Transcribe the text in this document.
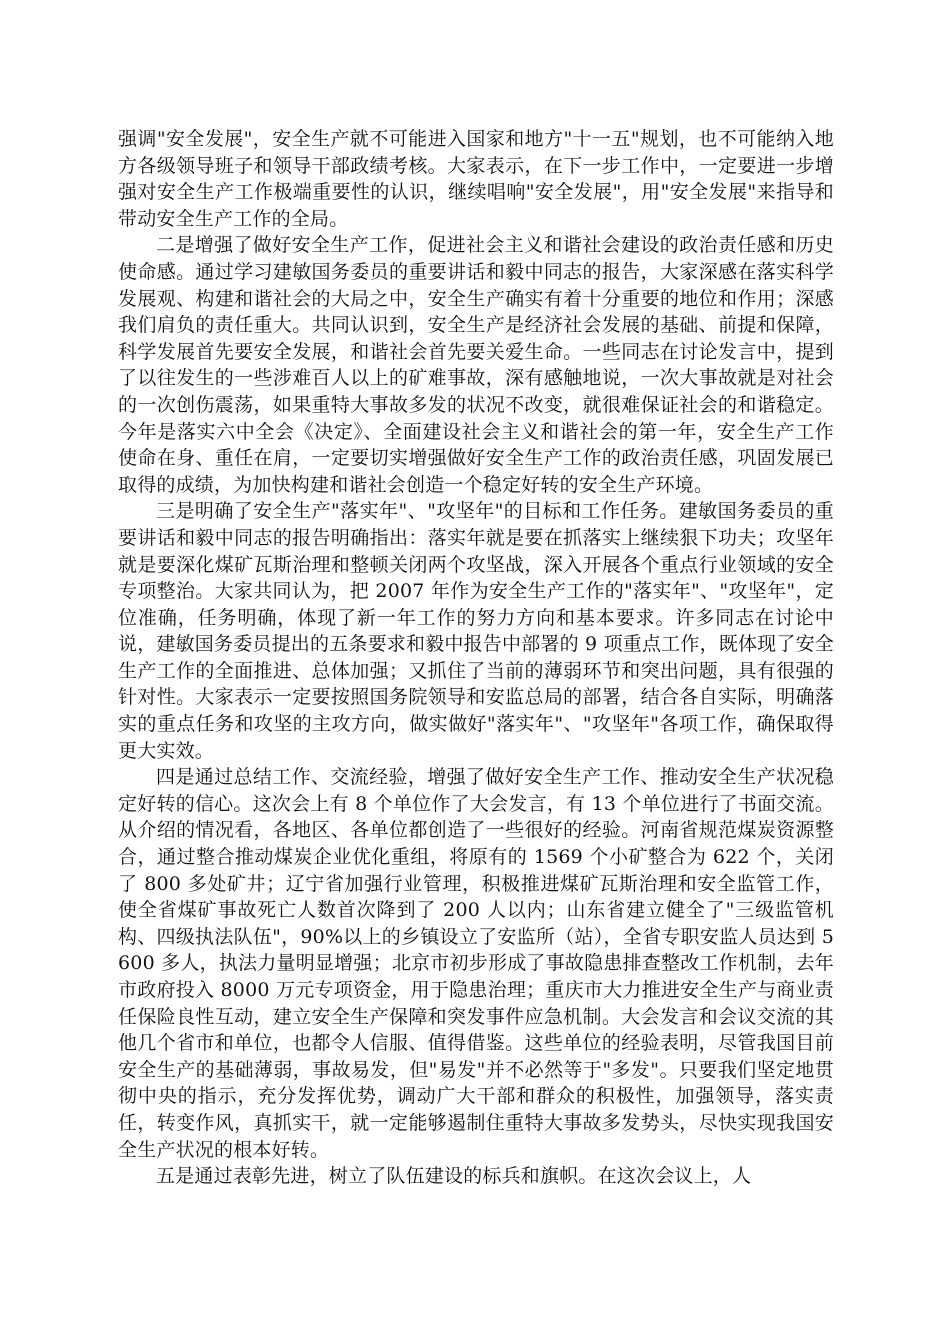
强调"安全发展"，安全生产就不可能进入国家和地方"十一五"规划，也不可能纳入地方各级领导班子和领导干部政绩考核。大家表示，在下一步工作中，一定要进一步增强对安全生产工作极端重要性的认识，继续唱响"安全发展"，用"安全发展"来指导和带动安全生产工作的全局。

二是增强了做好安全生产工作，促进社会主义和谐社会建设的政治责任感和历史使命感。通过学习建敏国务委员的重要讲话和毅中同志的报告，大家深感在落实科学发展观、构建和谐社会的大局之中，安全生产确实有着十分重要的地位和作用；深感我们肩负的责任重大。共同认识到，安全生产是经济社会发展的基础、前提和保障，科学发展首先要安全发展，和谐社会首先要关爱生命。一些同志在讨论发言中，提到了以往发生的一些涉难百人以上的矿难事故，深有感触地说，一次大事故就是对社会的一次创伤震荡，如果重特大事故多发的状况不改变，就很难保证社会的和谐稳定。今年是落实六中全会《决定》、全面建设社会主义和谐社会的第一年，安全生产工作使命在身、重任在肩，一定要切实增强做好安全生产工作的政治责任感，巩固发展已取得的成绩，为加快构建和谐社会创造一个稳定好转的安全生产环境。

三是明确了安全生产"落实年"、"攻坚年"的目标和工作任务。建敏国务委员的重要讲话和毅中同志的报告明确指出：落实年就是要在抓落实上继续狠下功夫；攻坚年就是要深化煤矿瓦斯治理和整顿关闭两个攻坚战，深入开展各个重点行业领域的安全专项整治。大家共同认为，把 2007 年作为安全生产工作的"落实年"、"攻坚年"，定位准确，任务明确，体现了新一年工作的努力方向和基本要求。许多同志在讨论中说，建敏国务委员提出的五条要求和毅中报告中部署的 9 项重点工作，既体现了安全生产工作的全面推进、总体加强；又抓住了当前的薄弱环节和突出问题，具有很强的针对性。大家表示一定要按照国务院领导和安监总局的部署，结合各自实际，明确落实的重点任务和攻坚的主攻方向，做实做好"落实年"、"攻坚年"各项工作，确保取得更大实效。

四是通过总结工作、交流经验，增强了做好安全生产工作、推动安全生产状况稳定好转的信心。这次会上有 8 个单位作了大会发言，有 13 个单位进行了书面交流。从介绍的情况看，各地区、各单位都创造了一些很好的经验。河南省规范煤炭资源整合，通过整合推动煤炭企业优化重组，将原有的 1569 个小矿整合为 622 个，关闭了 800 多处矿井；辽宁省加强行业管理，积极推进煤矿瓦斯治理和安全监管工作，使全省煤矿事故死亡人数首次降到了 200 人以内；山东省建立健全了"三级监管机构、四级执法队伍"，90%以上的乡镇设立了安监所（站），全省专职安监人员达到 5600 多人，执法力量明显增强；北京市初步形成了事故隐患排查整改工作机制，去年市政府投入 8000 万元专项资金，用于隐患治理；重庆市大力推进安全生产与商业责任保险良性互动，建立安全生产保障和突发事件应急机制。大会发言和会议交流的其他几个省市和单位，也都令人信服、值得借鉴。这些单位的经验表明，尽管我国目前安全生产的基础薄弱，事故易发，但"易发"并不必然等于"多发"。只要我们坚定地贯彻中央的指示，充分发挥优势，调动广大干部和群众的积极性，加强领导，落实责任，转变作风，真抓实干，就一定能够遏制住重特大事故多发势头，尽快实现我国安全生产状况的根本好转。

五是通过表彰先进，树立了队伍建设的标兵和旗帜。在这次会议上，人
